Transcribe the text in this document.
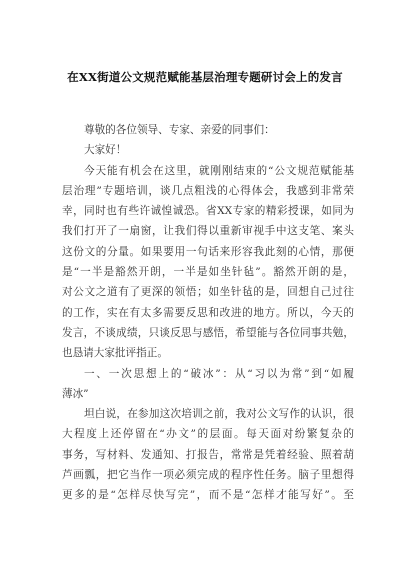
在XX街道公文规范赋能基层治理专题研讨会上的发言
尊敬的各位领导、专家、亲爱的同事们：
大家好！
今天能有机会在这里，就刚刚结束的“公文规范赋能基
层治理”专题培训，谈几点粗浅的心得体会，我感到非常荣
幸，同时也有些许诚惶诚恐。省XX专家的精彩授课，如同为
我们打开了一扇窗，让我们得以重新审视手中这支笔、案头
这份文的分量。如果要用一句话来形容我此刻的心情，那便
是“一半是豁然开朗，一半是如坐针毡”。豁然开朗的是，
对公文之道有了更深的领悟；如坐针毡的是，回想自己过往
的工作，实在有太多需要反思和改进的地方。所以，今天的
发言，不谈成绩，只谈反思与感悟，希望能与各位同事共勉，
也恳请大家批评指正。
一、一次思想上的“破冰”：从“习以为常”到“如履
薄冰”
坦白说，在参加这次培训之前，我对公文写作的认识，很
大程度上还停留在“办文”的层面。每天面对纷繁复杂的
事务，写材料、发通知、打报告，常常是凭着经验、照着葫
芦画瓢，把它当作一项必须完成的程序性任务。脑子里想得
更多的是“怎样尽快写完”，而不是“怎样才能写好”。至
